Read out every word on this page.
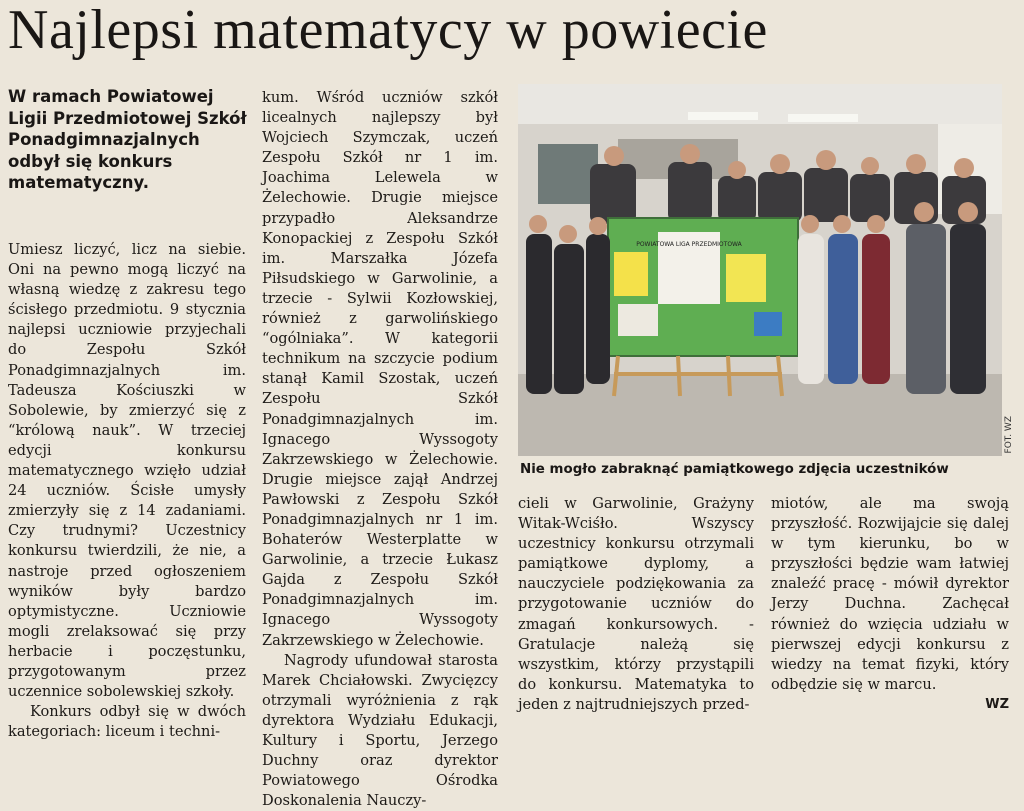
Najlepsi matematycy w powiecie
W ramach Powiatowej Ligii Przedmiotowej Szkół Ponadgimnazjalnych odbył się konkurs matematyczny.

Umiesz liczyć, licz na siebie. Oni na pewno mogą liczyć na własną wiedzę z zakresu tego ścisłego przedmiotu. 9 stycznia najlepsi uczniowie przyjechali do Zespołu Szkół Ponadgimnazjalnych im. Tadeusza Kościuszki w Sobolewie, by zmierzyć się z “królową nauk”. W trzeciej edycji konkursu matematycznego wzięło udział 24 uczniów. Ścisłe umysły zmierzyły się z 14 zadaniami. Czy trudnymi? Uczestnicy konkursu twierdzili, że nie, a nastroje przed ogłoszeniem wyników były bardzo optymistyczne. Uczniowie mogli zrelaksować się przy herbacie i poczęstunku, przygotowanym przez uczennice sobolewskiej szkoły.

Konkurs odbył się w dwóch kategoriach: liceum i techni-

kum. Wśród uczniów szkół licealnych najlepszy był Wojciech Szymczak, uczeń Zespołu Szkół nr 1 im. Joachima Lelewela w Żelechowie. Drugie miejsce przypadło Aleksandrze Konopackiej z Zespołu Szkół im. Marszałka Józefa Piłsudskiego w Garwolinie, a trzecie - Sylwii Kozłowskiej, również z garwolińskiego “ogólniaka”. W kategorii technikum na szczycie podium stanął Kamil Szostak, uczeń Zespołu Szkół Ponadgimnazjalnych im. Ignacego Wyssogoty Zakrzewskiego w Żelechowie. Drugie miejsce zajął Andrzej Pawłowski z Zespołu Szkół Ponadgimnazjalnych nr 1 im. Bohaterów Westerplatte w Garwolinie, a trzecie Łukasz Gajda z Zespołu Szkół Ponadgimnazjalnych im. Ignacego Wyssogoty Zakrzewskiego w Żelechowie.

Nagrody ufundował starosta Marek Chciałowski. Zwycięzcy otrzymali wyróżnienia z rąk dyrektora Wydziału Edukacji, Kultury i Sportu, Jerzego Duchny oraz dyrektor Powiatowego Ośrodka Doskonalenia Nauczy-

POWIATOWA LIGA PRZEDMIOTOWA
FOT. WZ
Nie mogło zabraknąć pamiątkowego zdjęcia uczestników

cieli w Garwolinie, Grażyny Witak-Wciśło. Wszyscy uczestnicy konkursu otrzymali pamiątkowe dyplomy, a nauczyciele podziękowania za przygotowanie uczniów do zmagań konkursowych. - Gratulacje należą się wszystkim, którzy przystąpili do konkursu. Matematyka to jeden z najtrudniejszych przed-

miotów, ale ma swoją przyszłość. Rozwijajcie się dalej w tym kierunku, bo w przyszłości będzie wam łatwiej znaleźć pracę - mówił dyrektor Jerzy Duchna. Zachęcał również do wzięcia udziału w pierwszej edycji konkursu z wiedzy na temat fizyki, który odbędzie się w marcu.

WZ
